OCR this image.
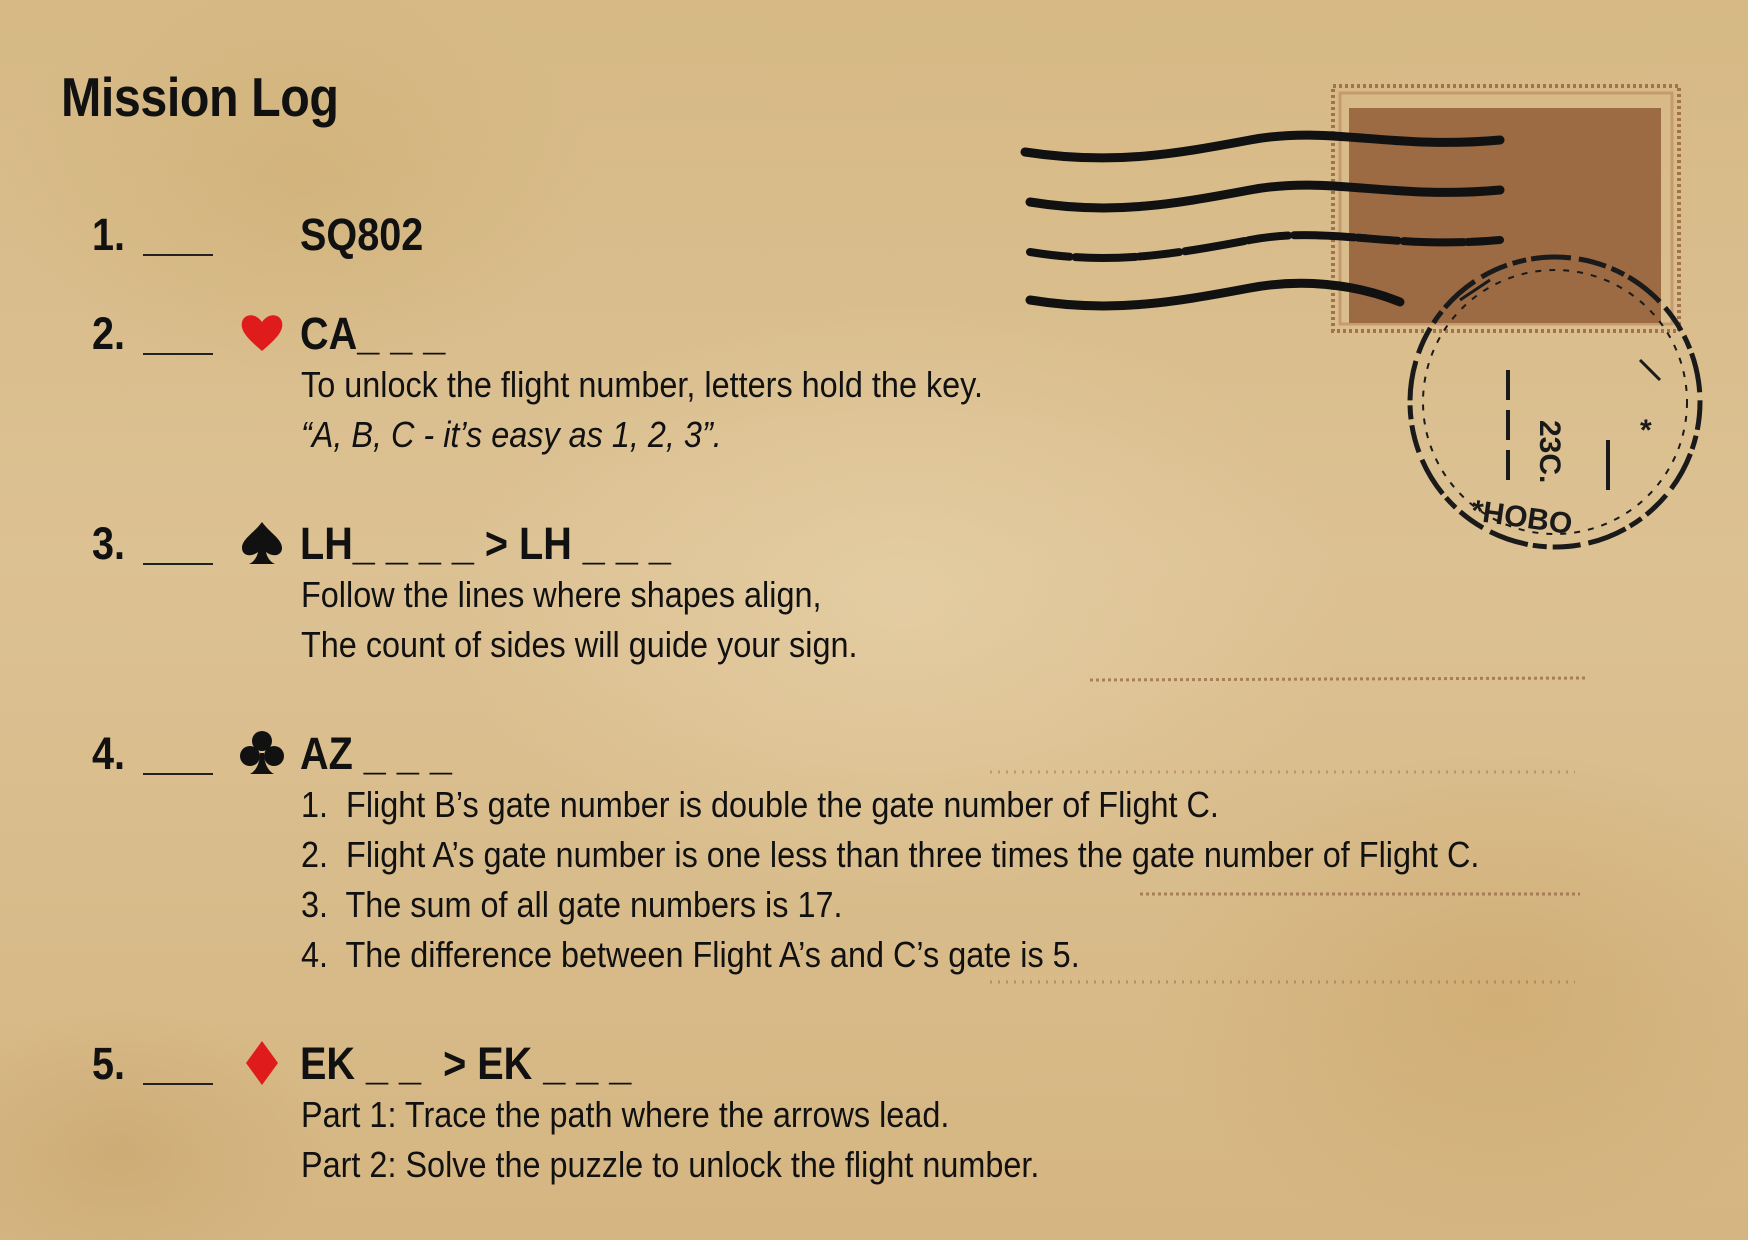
Mission Log
23C.
*HOBO
*
1.	SQ802
2.	CA_ _ _
To unlock the flight number, letters hold the key.
“A, B, C - it’s easy as 1, 2, 3”.
3.	LH_ _ _ _ > LH _ _ _
Follow the lines where shapes align,
The count of sides will guide your sign.
4.	AZ _ _ _
1.  Flight B’s gate number is double the gate number of Flight C.
2.  Flight A’s gate number is one less than three times the gate number of Flight C.
3.  The sum of all gate numbers is 17.
4.  The difference between Flight A’s and C’s gate is 5.
5.	EK _ _  > EK _ _ _
Part 1: Trace the path where the arrows lead.
Part 2: Solve the puzzle to unlock the flight number.
